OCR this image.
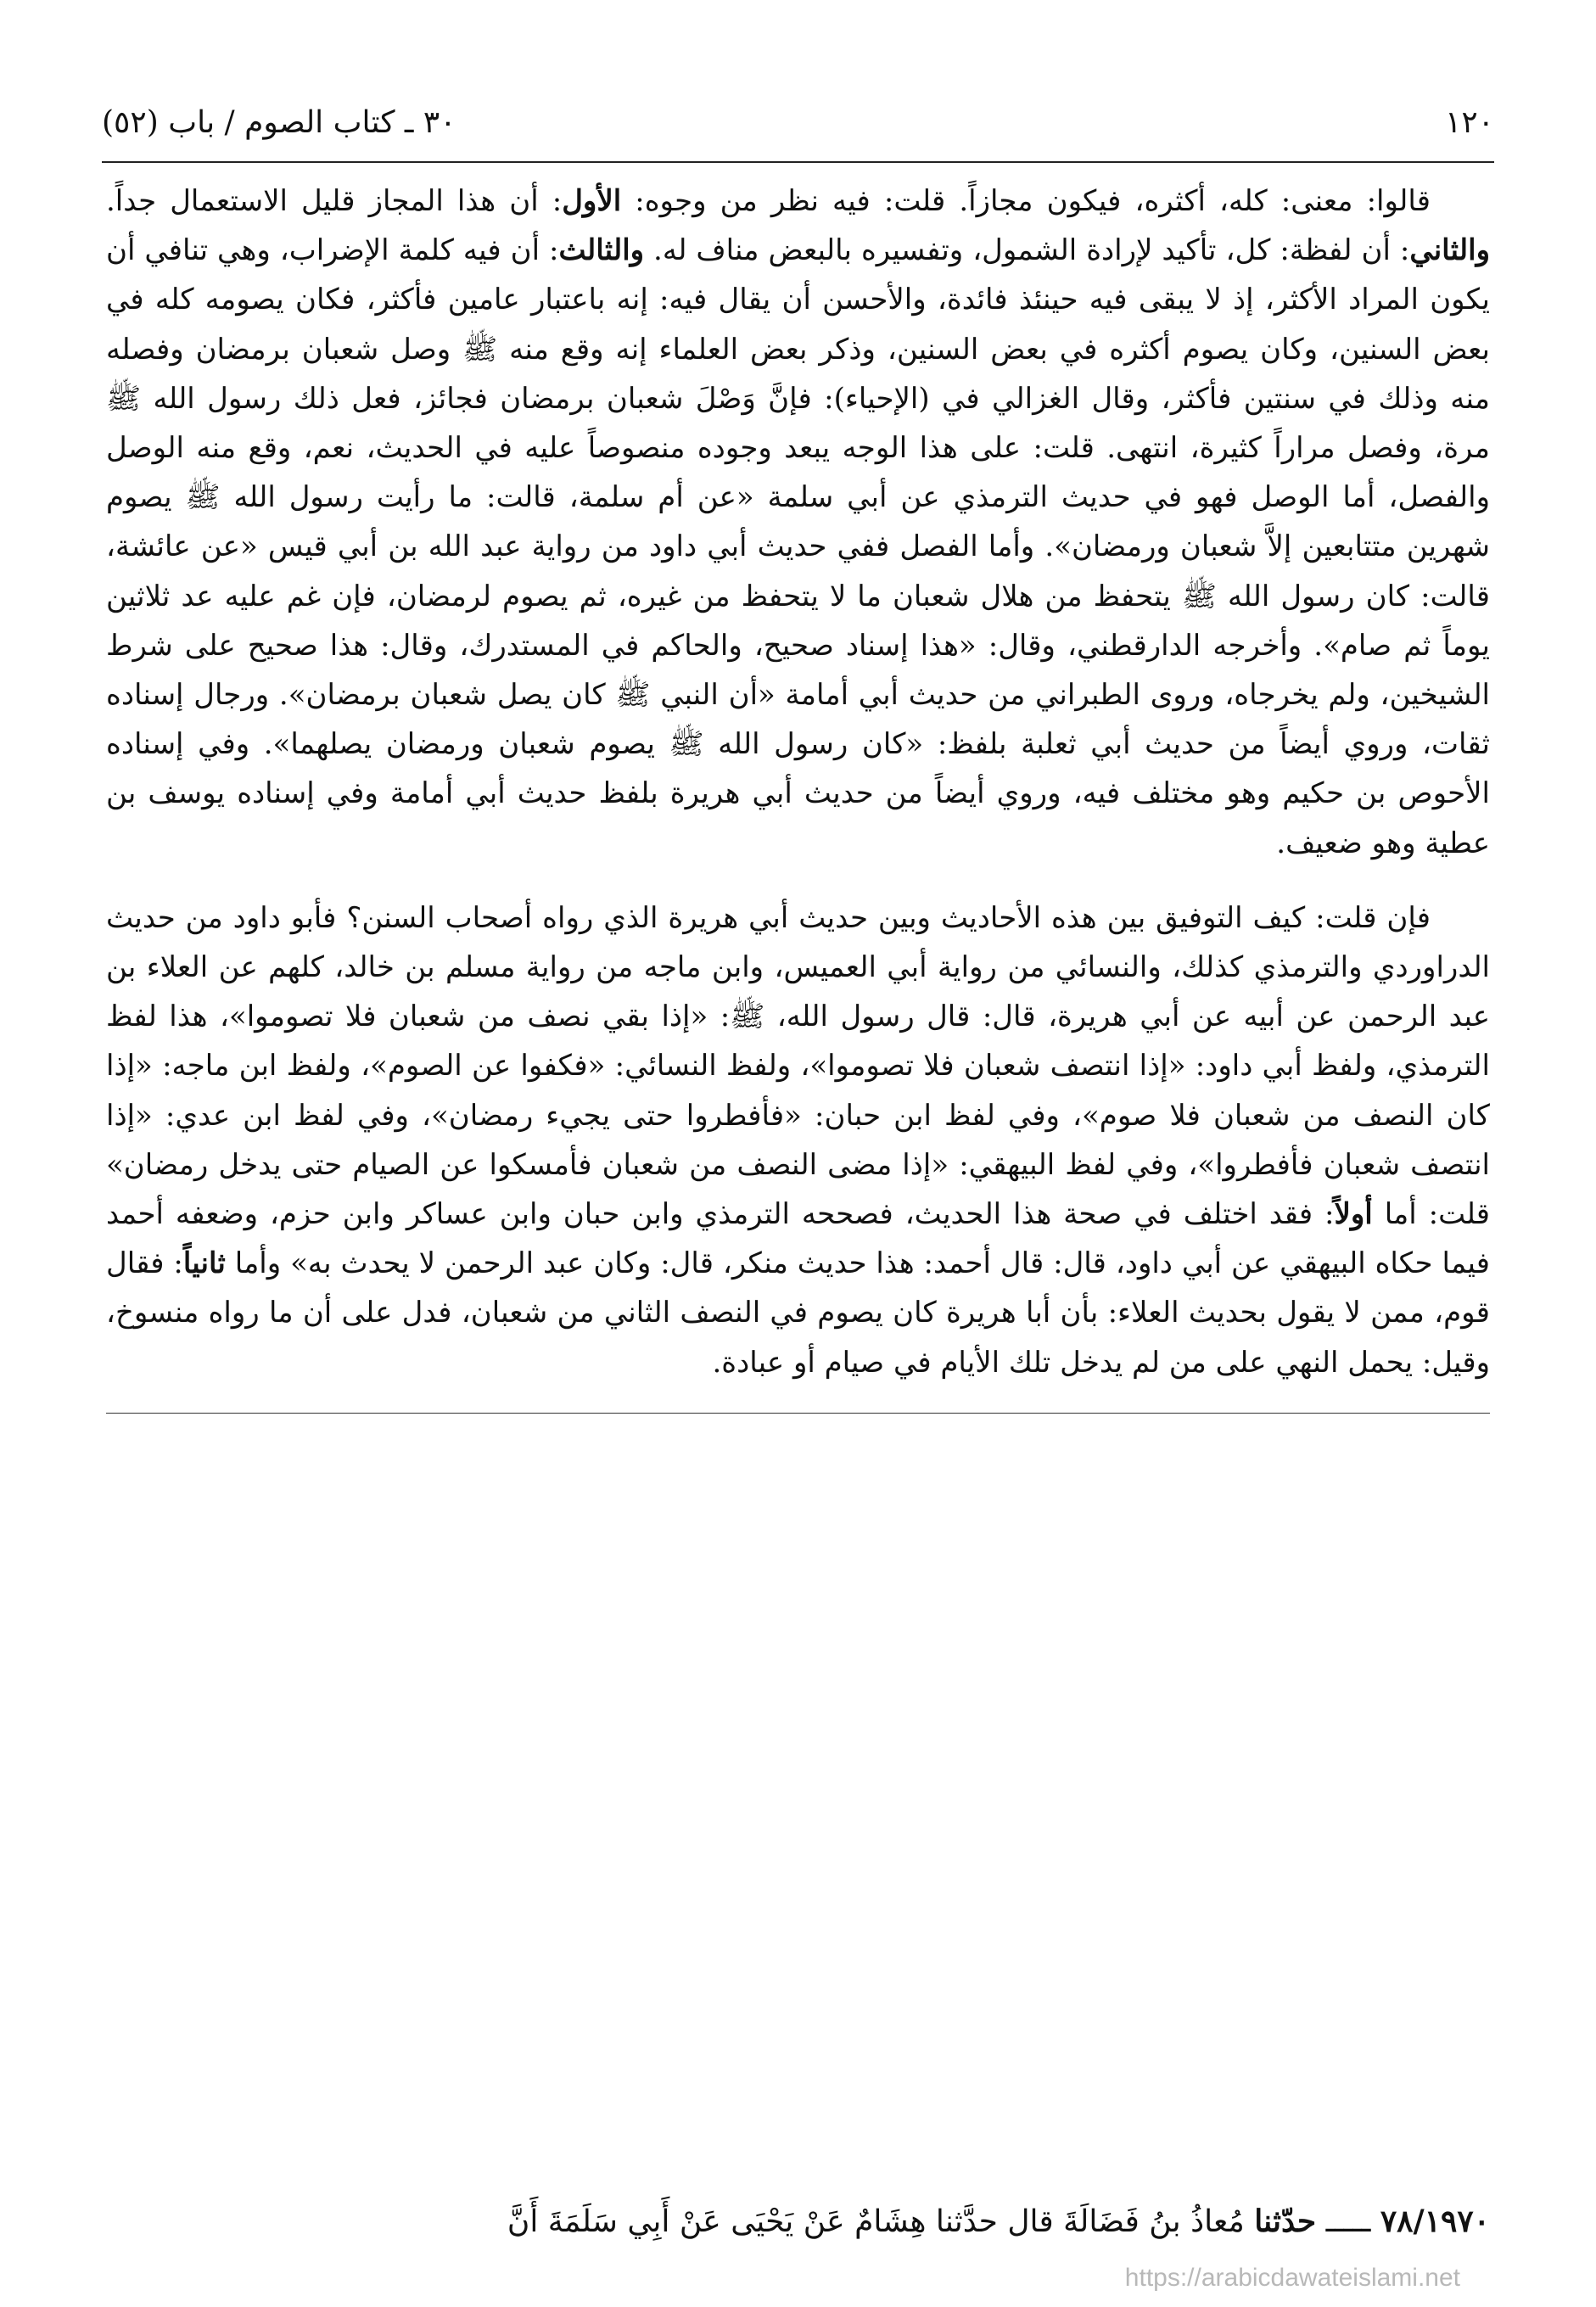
١٢٠
٣٠ ـ كتاب الصوم / باب (٥٢)

قالوا: معنى: كله، أكثره، فيكون مجازاً. قلت: فيه نظر من وجوه: الأول: أن هذا المجاز قليل الاستعمال جداً. والثاني: أن لفظة: كل، تأكيد لإرادة الشمول، وتفسيره بالبعض مناف له. والثالث: أن فيه كلمة الإضراب، وهي تنافي أن يكون المراد الأكثر، إذ لا يبقى فيه حينئذ فائدة، والأحسن أن يقال فيه: إنه باعتبار عامين فأكثر، فكان يصومه كله في بعض السنين، وكان يصوم أكثره في بعض السنين، وذكر بعض العلماء إنه وقع منه ﷺ وصل شعبان برمضان وفصله منه وذلك في سنتين فأكثر، وقال الغزالي في (الإحياء): فإنَّ وَصْلَ شعبان برمضان فجائز، فعل ذلك رسول الله ﷺ مرة، وفصل مراراً كثيرة، انتهى. قلت: على هذا الوجه يبعد وجوده منصوصاً عليه في الحديث، نعم، وقع منه الوصل والفصل، أما الوصل فهو في حديث الترمذي عن أبي سلمة «عن أم سلمة، قالت: ما رأيت رسول الله ﷺ يصوم شهرين متتابعين إلاَّ شعبان ورمضان». وأما الفصل ففي حديث أبي داود من رواية عبد الله بن أبي قيس «عن عائشة، قالت: كان رسول الله ﷺ يتحفظ من هلال شعبان ما لا يتحفظ من غيره، ثم يصوم لرمضان، فإن غم عليه عد ثلاثين يوماً ثم صام». وأخرجه الدارقطني، وقال: «هذا إسناد صحيح، والحاكم في المستدرك، وقال: هذا صحيح على شرط الشيخين، ولم يخرجاه، وروى الطبراني من حديث أبي أمامة «أن النبي ﷺ كان يصل شعبان برمضان». ورجال إسناده ثقات، وروي أيضاً من حديث أبي ثعلبة بلفظ: «كان رسول الله ﷺ يصوم شعبان ورمضان يصلهما». وفي إسناده الأحوص بن حكيم وهو مختلف فيه، وروي أيضاً من حديث أبي هريرة بلفظ حديث أبي أمامة وفي إسناده يوسف بن عطية وهو ضعيف.

فإن قلت: كيف التوفيق بين هذه الأحاديث وبين حديث أبي هريرة الذي رواه أصحاب السنن؟ فأبو داود من حديث الدراوردي والترمذي كذلك، والنسائي من رواية أبي العميس، وابن ماجه من رواية مسلم بن خالد، كلهم عن العلاء بن عبد الرحمن عن أبيه عن أبي هريرة، قال: قال رسول الله، ﷺ: «إذا بقي نصف من شعبان فلا تصوموا»، هذا لفظ الترمذي، ولفظ أبي داود: «إذا انتصف شعبان فلا تصوموا»، ولفظ النسائي: «فكفوا عن الصوم»، ولفظ ابن ماجه: «إذا كان النصف من شعبان فلا صوم»، وفي لفظ ابن حبان: «فأفطروا حتى يجيء رمضان»، وفي لفظ ابن عدي: «إذا انتصف شعبان فأفطروا»، وفي لفظ البيهقي: «إذا مضى النصف من شعبان فأمسكوا عن الصيام حتى يدخل رمضان» قلت: أما أولاً: فقد اختلف في صحة هذا الحديث، فصححه الترمذي وابن حبان وابن عساكر وابن حزم، وضعفه أحمد فيما حكاه البيهقي عن أبي داود، قال: قال أحمد: هذا حديث منكر، قال: وكان عبد الرحمن لا يحدث به» وأما ثانياً: فقال قوم، ممن لا يقول بحديث العلاء: بأن أبا هريرة كان يصوم في النصف الثاني من شعبان، فدل على أن ما رواه منسوخ، وقيل: يحمل النهي على من لم يدخل تلك الأيام في صيام أو عبادة.

٧٨/١٩٧٠ ـــــ حدّثنا مُعاذُ بنُ فَضَالَةَ قال حدَّثنا هِشَامٌ عَنْ يَحْيَى عَنْ أَبِي سَلَمَةَ أَنَّ
https://arabicdawateislami.net
